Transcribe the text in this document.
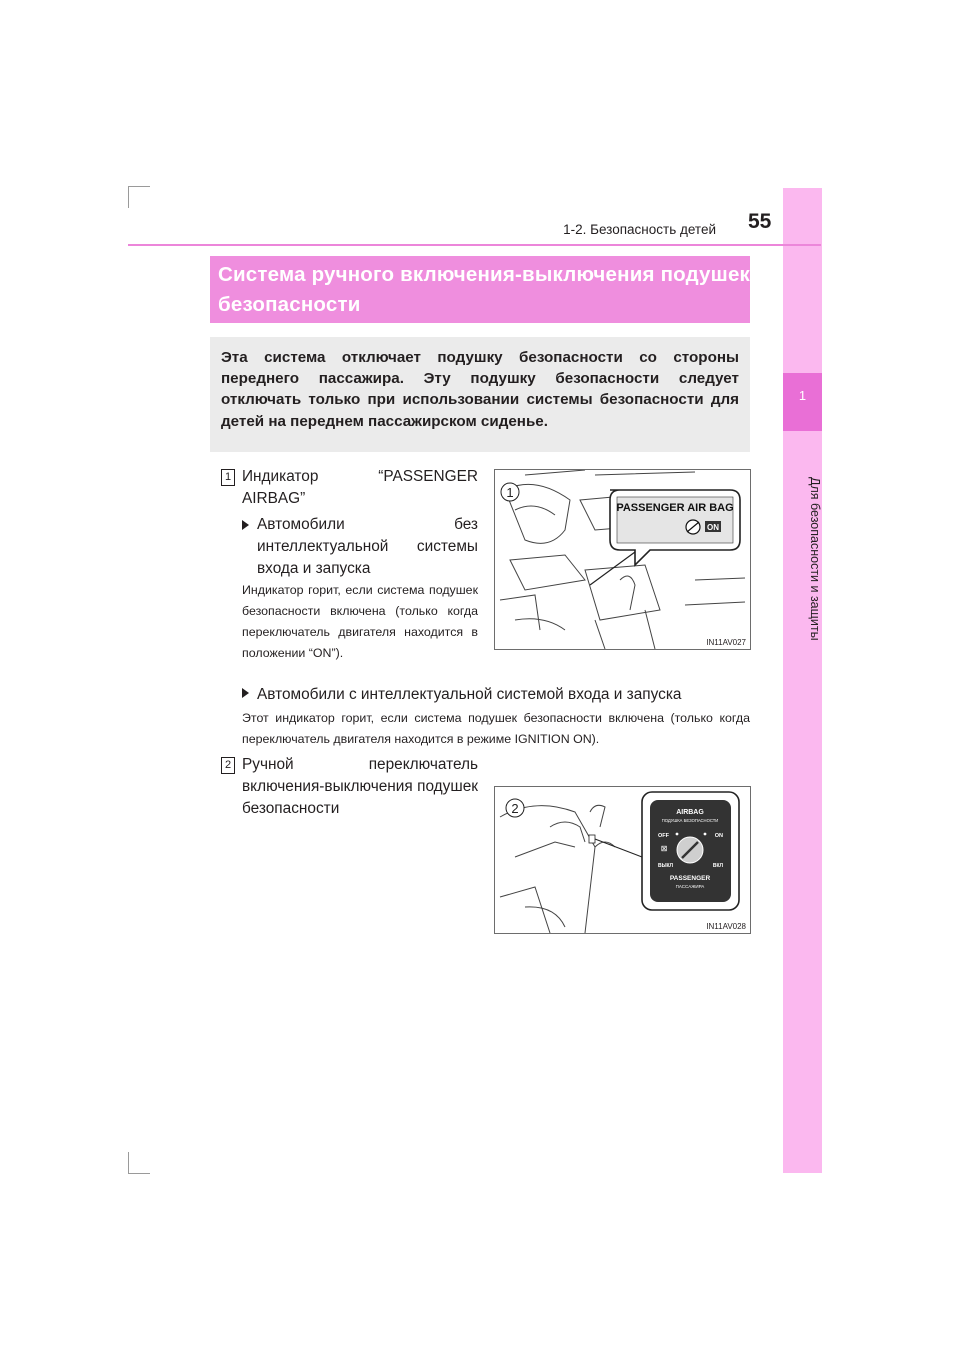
1
Для безопасности и защиты
1-2. Безопасность детей 55
Система ручного включения-выключения подушек
безопасности
Эта система отключает подушку безопасности со стороны переднего пассажира. Эту подушку безопасности следует отключать только при использовании системы безопасности для детей на переднем пассажирском сиденье.
1 Индикатор “PASSENGER AIRBAG”
Автомобили без интеллектуальной системы входа и запуска
Индикатор горит, если система подушек безопасности включена (только когда переключатель двигателя находится в положении “ON”).
Автомобили с интеллектуальной системой входа и запуска
Этот индикатор горит, если система подушек безопасности включена (только когда переключатель двигателя находится в режиме IGNITION ON).
2 Ручной переключатель включения-выключения подушек безопасности
1
PASSENGER AIR BAG
ON
IN11AV027
2	AIRBAG
ПОДУШКА БЕЗОПАСНОСТИ
OFF	ON
⊠
ВЫКЛ	ВКЛ
PASSENGER
ПАССАЖИРА
IN11AV028
